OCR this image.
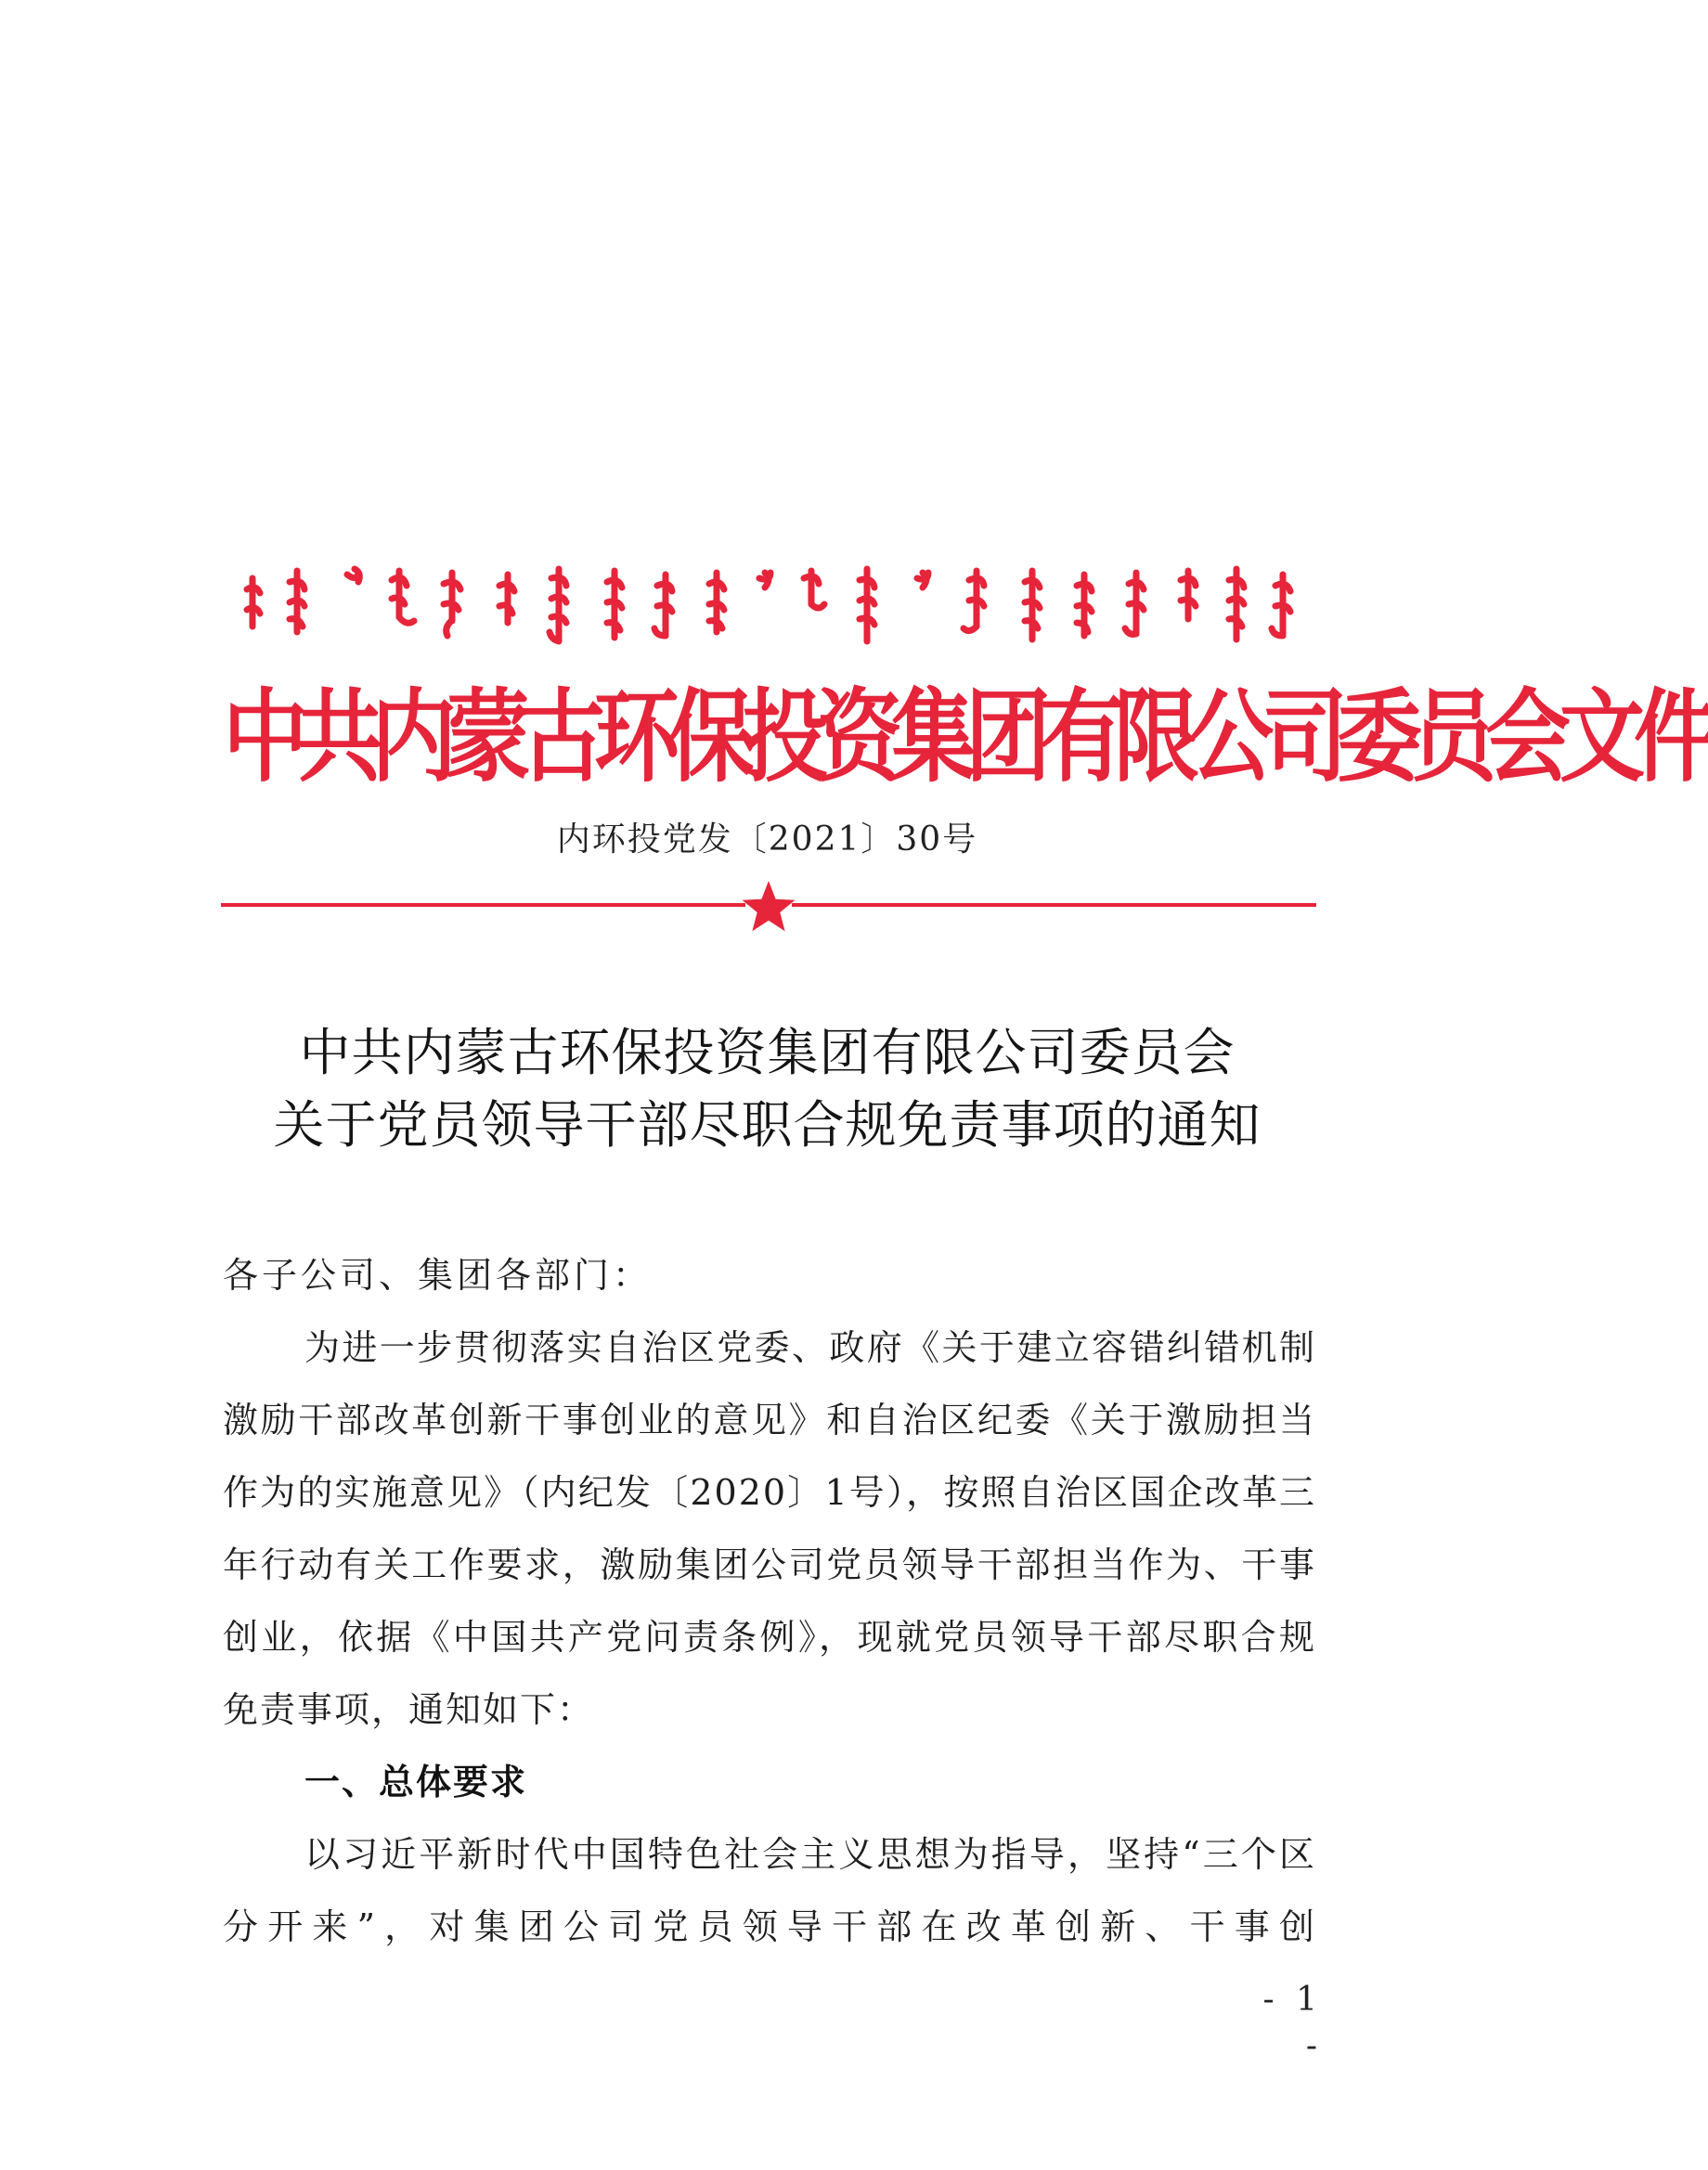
中共内蒙古环保投资集团有限公司委员会文件
内环投党发〔2021〕30号
中共内蒙古环保投资集团有限公司委员会
关于党员领导干部尽职合规免责事项的通知

各子公司、集团各部门：

为进一步贯彻落实自治区党委、政府《关于建立容错纠错机制激励干部改革创新干事创业的意见》和自治区纪委《关于激励担当作为的实施意见》（内纪发〔2020〕1号），按照自治区国企改革三年行动有关工作要求，激励集团公司党员领导干部担当作为、干事创业，依据《中国共产党问责条例》，现就党员领导干部尽职合规免责事项，通知如下：

一、总体要求

以习近平新时代中国特色社会主义思想为指导，坚持“三个区分开来”，对集团公司党员领导干部在改革创新、干事创

- 1 -
